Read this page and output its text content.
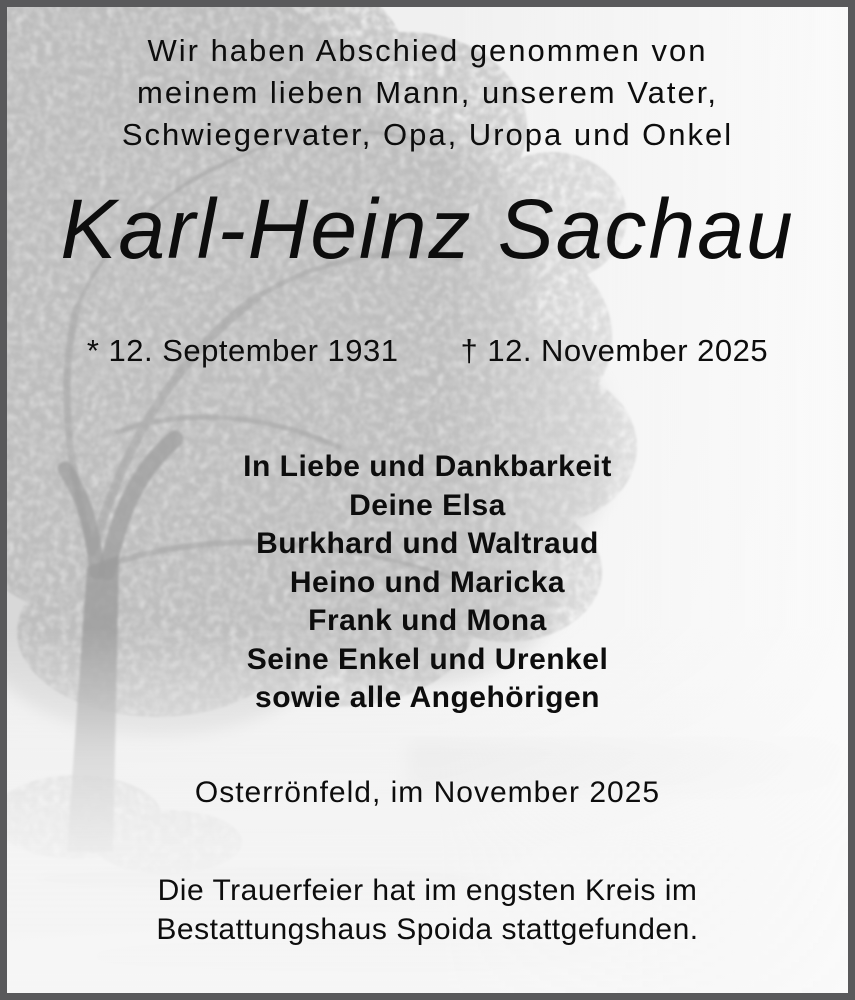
Wir haben Abschied genommen von
meinem lieben Mann, unserem Vater,
Schwiegervater, Opa, Uropa und Onkel
Karl-Heinz Sachau
* 12. September 1931 † 12. November 2025
In Liebe und Dankbarkeit
Deine Elsa
Burkhard und Waltraud
Heino und Maricka
Frank und Mona
Seine Enkel und Urenkel
sowie alle Angehörigen
Osterrönfeld, im November 2025
Die Trauerfeier hat im engsten Kreis im
Bestattungshaus Spoida stattgefunden.
